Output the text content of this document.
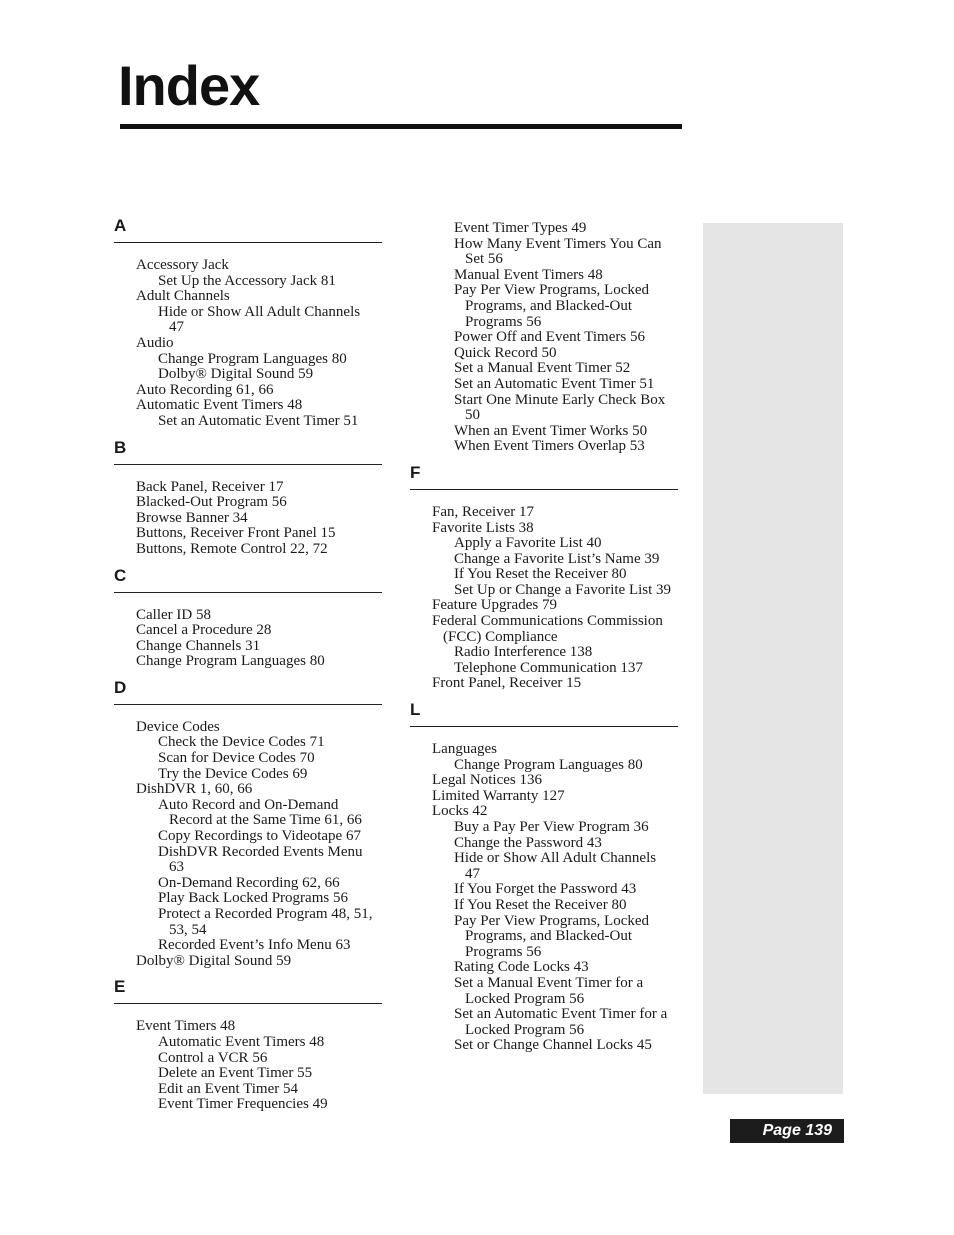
Index
A
Accessory Jack
Set Up the Accessory Jack 81
Adult Channels
Hide or Show All Adult Channels
47
Audio
Change Program Languages 80
Dolby® Digital Sound 59
Auto Recording 61, 66
Automatic Event Timers 48
Set an Automatic Event Timer 51
B
Back Panel, Receiver 17
Blacked-Out Program 56
Browse Banner 34
Buttons, Receiver Front Panel 15
Buttons, Remote Control 22, 72
C
Caller ID 58
Cancel a Procedure 28
Change Channels 31
Change Program Languages 80
D
Device Codes
Check the Device Codes 71
Scan for Device Codes 70
Try the Device Codes 69
DishDVR 1, 60, 66
Auto Record and On-Demand
Record at the Same Time 61, 66
Copy Recordings to Videotape 67
DishDVR Recorded Events Menu
63
On-Demand Recording 62, 66
Play Back Locked Programs 56
Protect a Recorded Program 48, 51,
53, 54
Recorded Event’s Info Menu 63
Dolby® Digital Sound 59
E
Event Timers 48
Automatic Event Timers 48
Control a VCR 56
Delete an Event Timer 55
Edit an Event Timer 54
Event Timer Frequencies 49
Event Timer Types 49
How Many Event Timers You Can
Set 56
Manual Event Timers 48
Pay Per View Programs, Locked
Programs, and Blacked-Out
Programs 56
Power Off and Event Timers 56
Quick Record 50
Set a Manual Event Timer 52
Set an Automatic Event Timer 51
Start One Minute Early Check Box
50
When an Event Timer Works 50
When Event Timers Overlap 53
F
Fan, Receiver 17
Favorite Lists 38
Apply a Favorite List 40
Change a Favorite List’s Name 39
If You Reset the Receiver 80
Set Up or Change a Favorite List 39
Feature Upgrades 79
Federal Communications Commission
(FCC) Compliance
Radio Interference 138
Telephone Communication 137
Front Panel, Receiver 15
L
Languages
Change Program Languages 80
Legal Notices 136
Limited Warranty 127
Locks 42
Buy a Pay Per View Program 36
Change the Password 43
Hide or Show All Adult Channels
47
If You Forget the Password 43
If You Reset the Receiver 80
Pay Per View Programs, Locked
Programs, and Blacked-Out
Programs 56
Rating Code Locks 43
Set a Manual Event Timer for a
Locked Program 56
Set an Automatic Event Timer for a
Locked Program 56
Set or Change Channel Locks 45
Page 139
